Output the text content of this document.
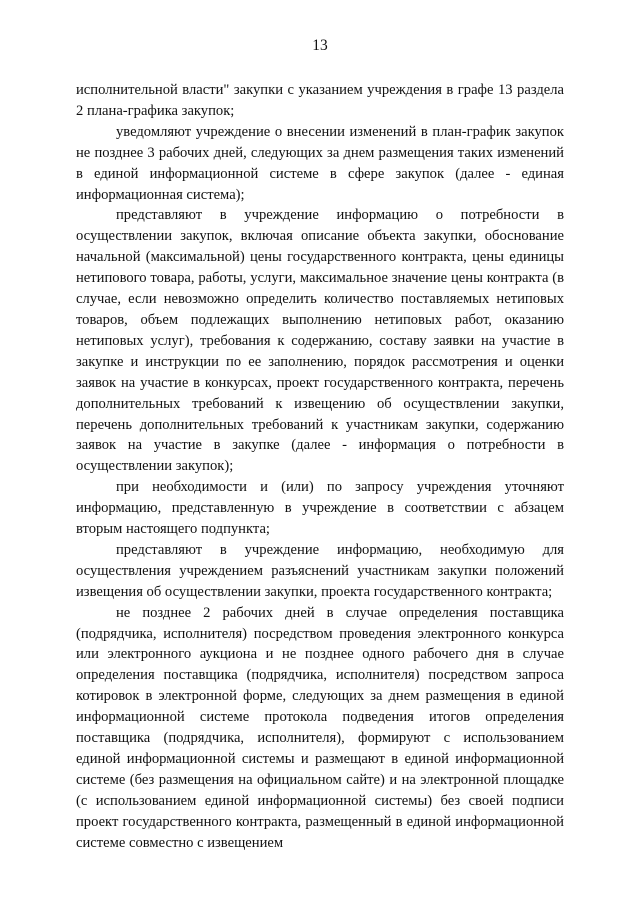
13

исполнительной власти" закупки с указанием учреждения в графе 13 раздела 2 плана-графика закупок;

уведомляют учреждение о внесении изменений в план-график закупок не позднее 3 рабочих дней, следующих за днем размещения таких изменений в единой информационной системе в сфере закупок (далее - единая информационная система);

представляют в учреждение информацию о потребности в осуществлении закупок, включая описание объекта закупки, обоснование начальной (максимальной) цены государственного контракта, цены единицы нетипового товара, работы, услуги, максимальное значение цены контракта (в случае, если невозможно определить количество поставляемых нетиповых товаров, объем подлежащих выполнению нетиповых работ, оказанию нетиповых услуг), требования к содержанию, составу заявки на участие в закупке и инструкции по ее заполнению, порядок рассмотрения и оценки заявок на участие в конкурсах, проект государственного контракта, перечень дополнительных требований к извещению об осуществлении закупки, перечень дополнительных требований к участникам закупки, содержанию заявок на участие в закупке (далее - информация о потребности в осуществлении закупок);

при необходимости и (или) по запросу учреждения уточняют информацию, представленную в учреждение в соответствии с абзацем вторым настоящего подпункта;

представляют в учреждение информацию, необходимую для осуществления учреждением разъяснений участникам закупки положений извещения об осуществлении закупки, проекта государственного контракта;

не позднее 2 рабочих дней в случае определения поставщика (подрядчика, исполнителя) посредством проведения электронного конкурса или электронного аукциона и не позднее одного рабочего дня в случае определения поставщика (подрядчика, исполнителя) посредством запроса котировок в электронной форме, следующих за днем размещения в единой информационной системе протокола подведения итогов определения поставщика (подрядчика, исполнителя), формируют с использованием единой информационной системы и размещают в единой информационной системе (без размещения на официальном сайте) и на электронной площадке (с использованием единой информационной системы) без своей подписи проект государственного контракта, размещенный в единой информационной системе совместно с извещением
